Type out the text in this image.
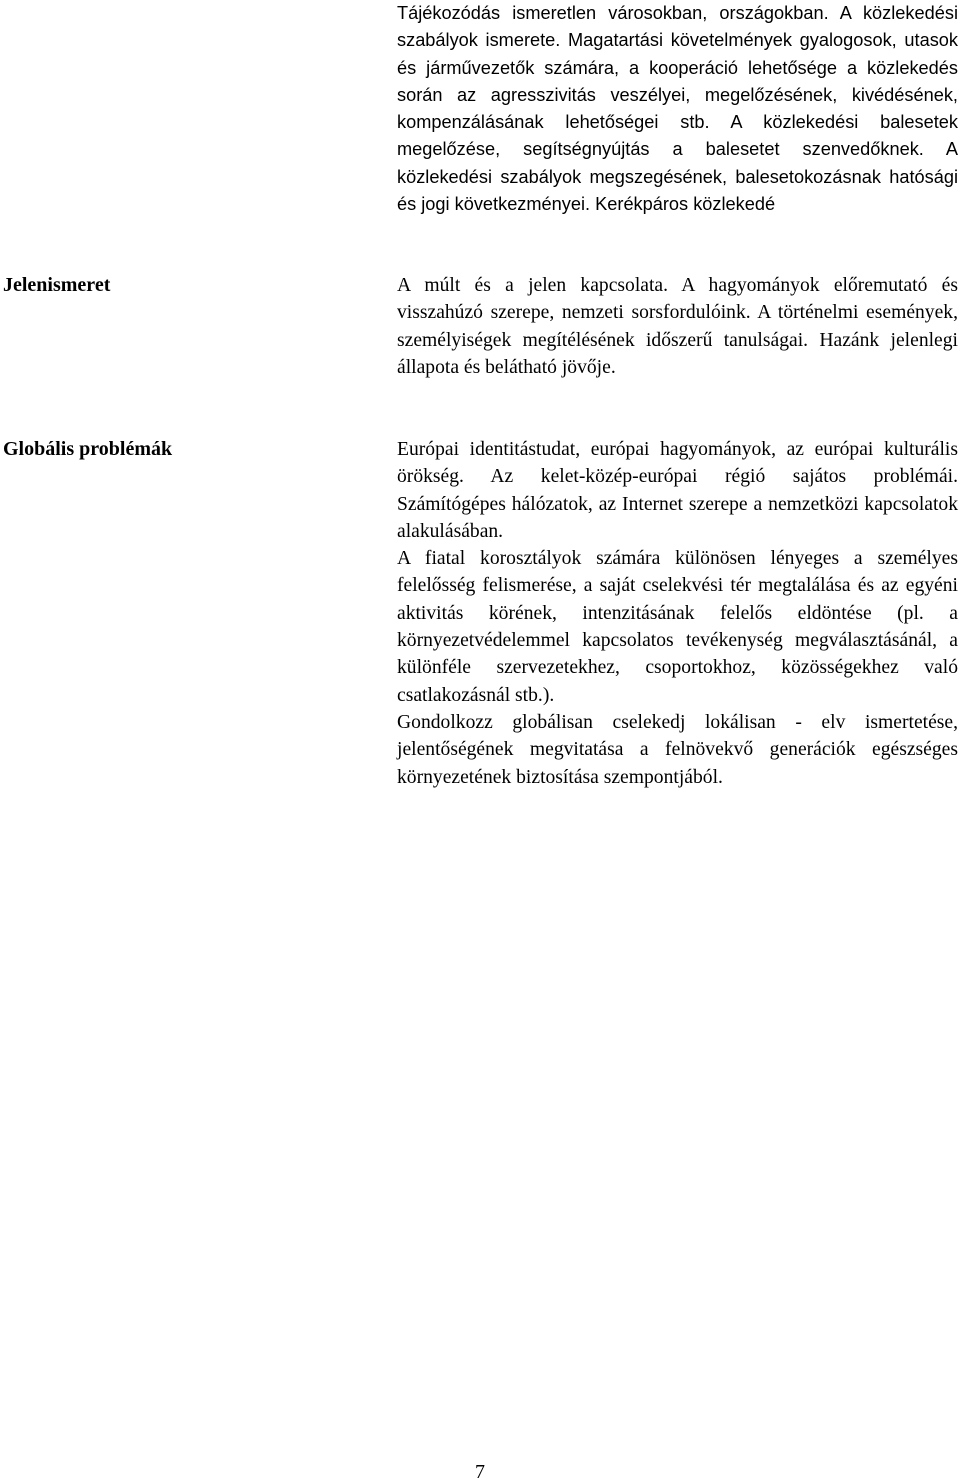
Tájékozódás ismeretlen városokban, országokban. A közlekedési szabályok ismerete. Magatartási követelmények gyalogosok, utasok és járművezetők számára, a kooperáció lehetősége a közlekedés során az agresszivitás veszélyei, megelőzésének, kivédésének, kompenzálásának lehetőségei stb. A közlekedési balesetek megelőzése, segítségnyújtás a balesetet szenvedőknek. A közlekedési szabályok megszegésének, balesetokozásnak hatósági és jogi következményei. Kerékpáros közlekedé

Jelenismeret	A múlt és a jelen kapcsolata. A hagyományok előremutató és visszahúzó szerepe, nemzeti sorsfordulóink. A történelmi események, személyiségek megítélésének időszerű tanulságai. Hazánk jelenlegi állapota és belátható jövője.

Globális problémák	Európai identitástudat, európai hagyományok, az európai kulturális örökség. Az kelet-közép-európai régió sajátos problémái. Számítógépes hálózatok, az Internet szerepe a nemzetközi kapcsolatok alakulásában.

A fiatal korosztályok számára különösen lényeges a személyes felelősség felismerése, a saját cselekvési tér megtalálása és az egyéni aktivitás körének, intenzitásának felelős eldöntése (pl. a környezetvédelemmel kapcsolatos tevékenység megválasztásánál, a különféle szervezetekhez, csoportokhoz, közösségekhez való csatlakozásnál stb.).

Gondolkozz globálisan cselekedj lokálisan - elv ismertetése, jelentőségének megvitatása a felnövekvő generációk egészséges környezetének biztosítása szempontjából.

7
